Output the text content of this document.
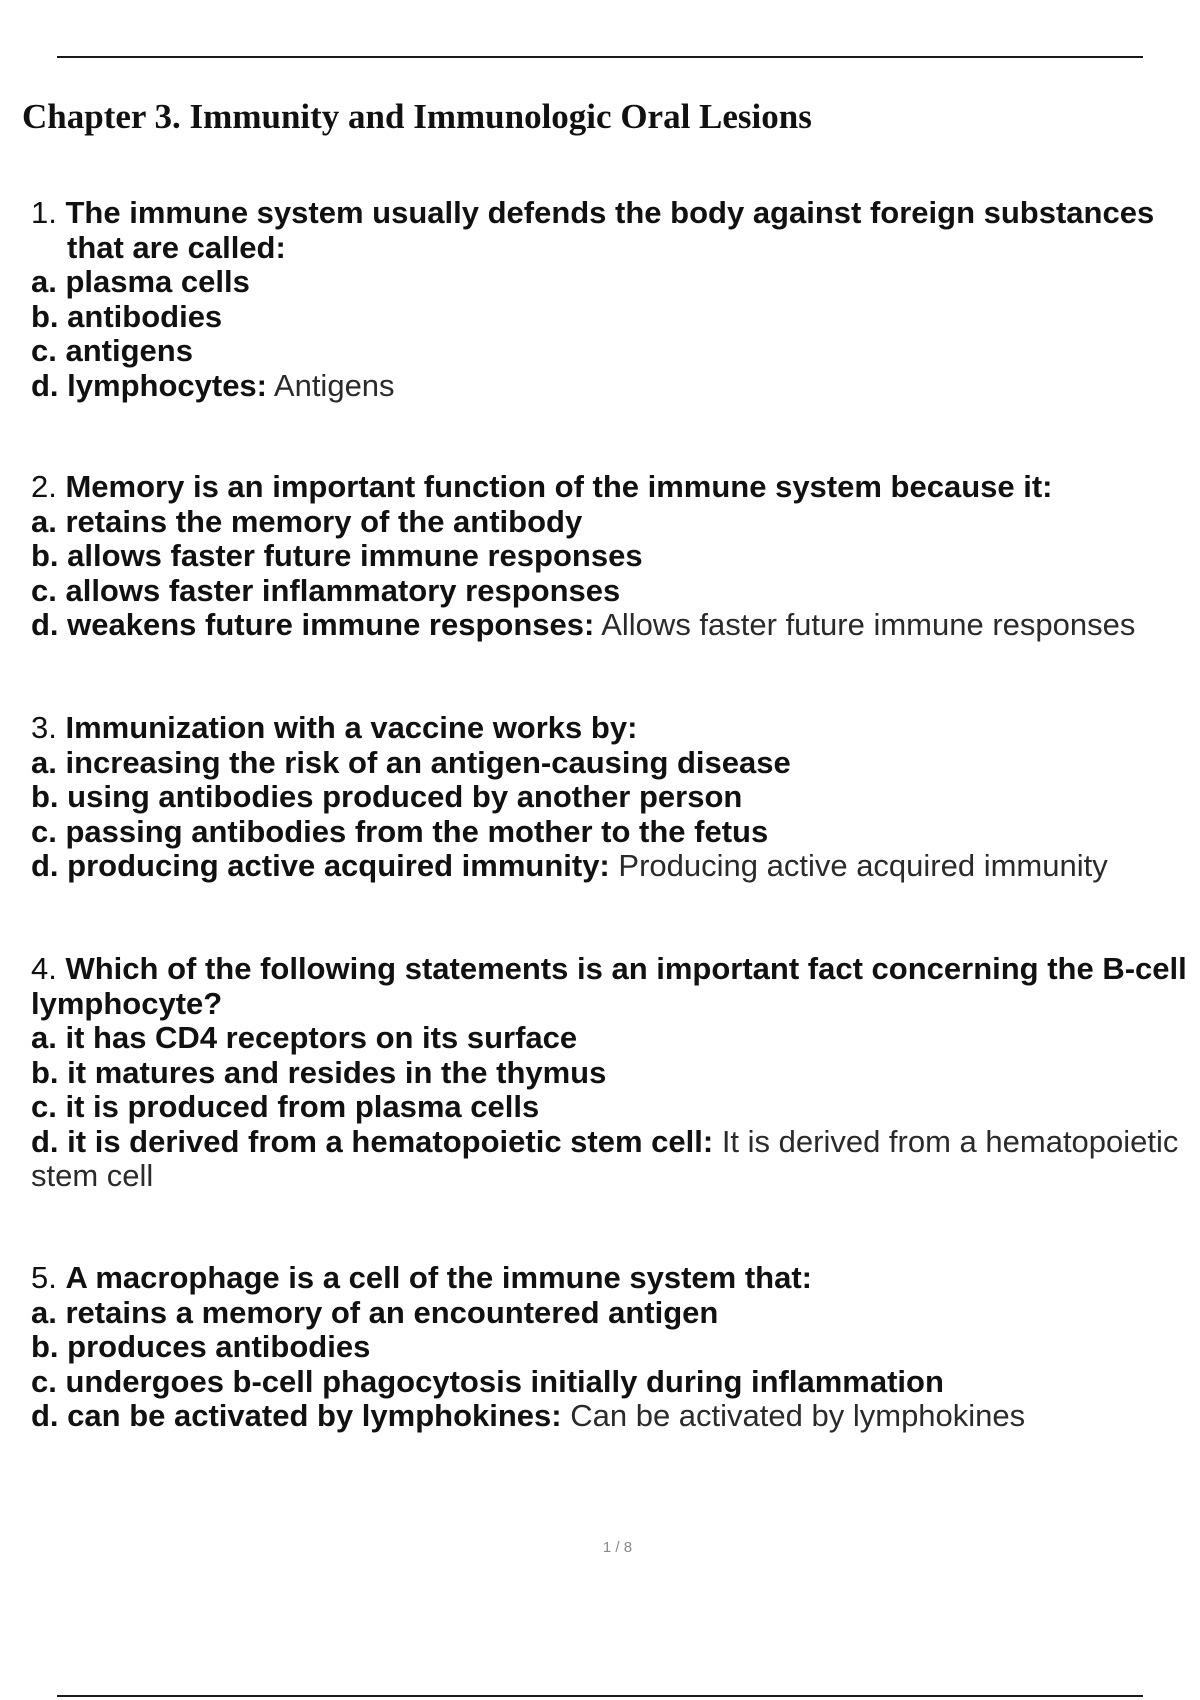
Chapter 3. Immunity and Immunologic Oral Lesions
1. The immune system usually defends the body against foreign substances
that are called:
a. plasma cells
b. antibodies
c. antigens
d. lymphocytes: Antigens
2. Memory is an important function of the immune system because it:
a. retains the memory of the antibody
b. allows faster future immune responses
c. allows faster inflammatory responses
d. weakens future immune responses: Allows faster future immune responses
3. Immunization with a vaccine works by:
a. increasing the risk of an antigen-causing disease
b. using antibodies produced by another person
c. passing antibodies from the mother to the fetus
d. producing active acquired immunity: Producing active acquired immunity
4. Which of the following statements is an important fact concerning the B-cell
lymphocyte?
a. it has CD4 receptors on its surface
b. it matures and resides in the thymus
c. it is produced from plasma cells
d. it is derived from a hematopoietic stem cell: It is derived from a hematopoietic
stem cell
5. A macrophage is a cell of the immune system that:
a. retains a memory of an encountered antigen
b. produces antibodies
c. undergoes b-cell phagocytosis initially during inflammation
d. can be activated by lymphokines: Can be activated by lymphokines
1 / 8
